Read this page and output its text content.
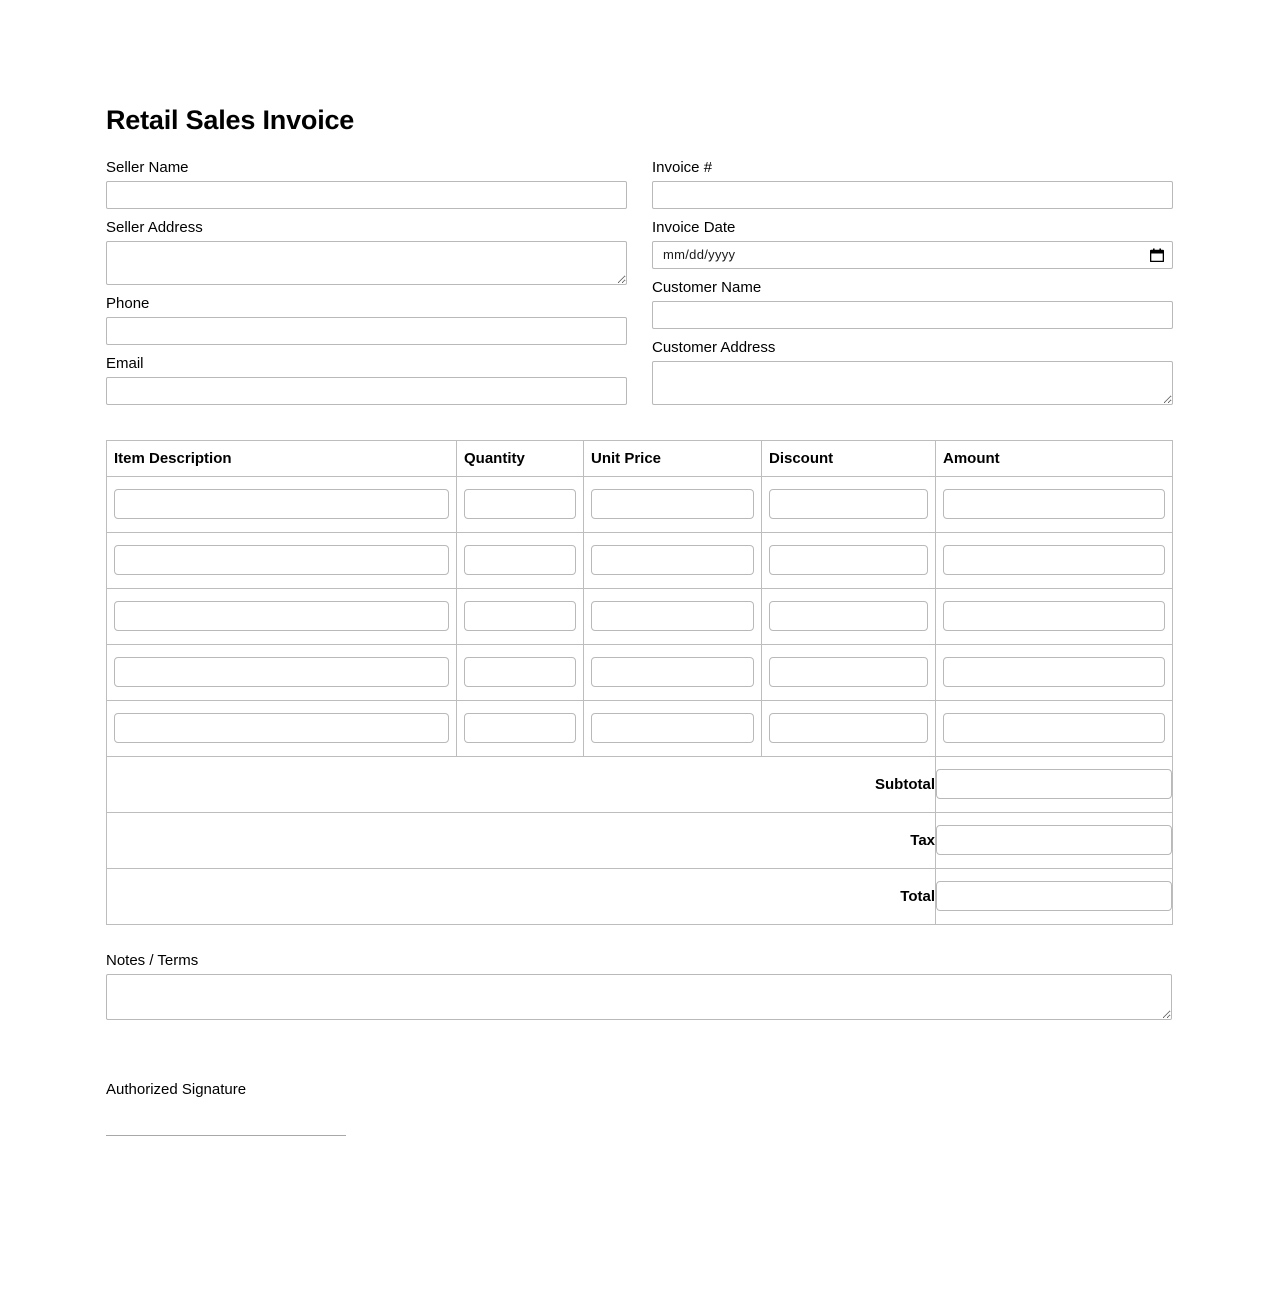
Retail Sales Invoice
Seller Name
Seller Address
Phone
Email
Invoice #
Invoice Date
mm/dd/yyyy
Customer Name
Customer Address
Item Description	Quantity	Unit Price	Discount	Amount

Subtotal	

Tax	

Total	
Notes / Terms
Authorized Signature
